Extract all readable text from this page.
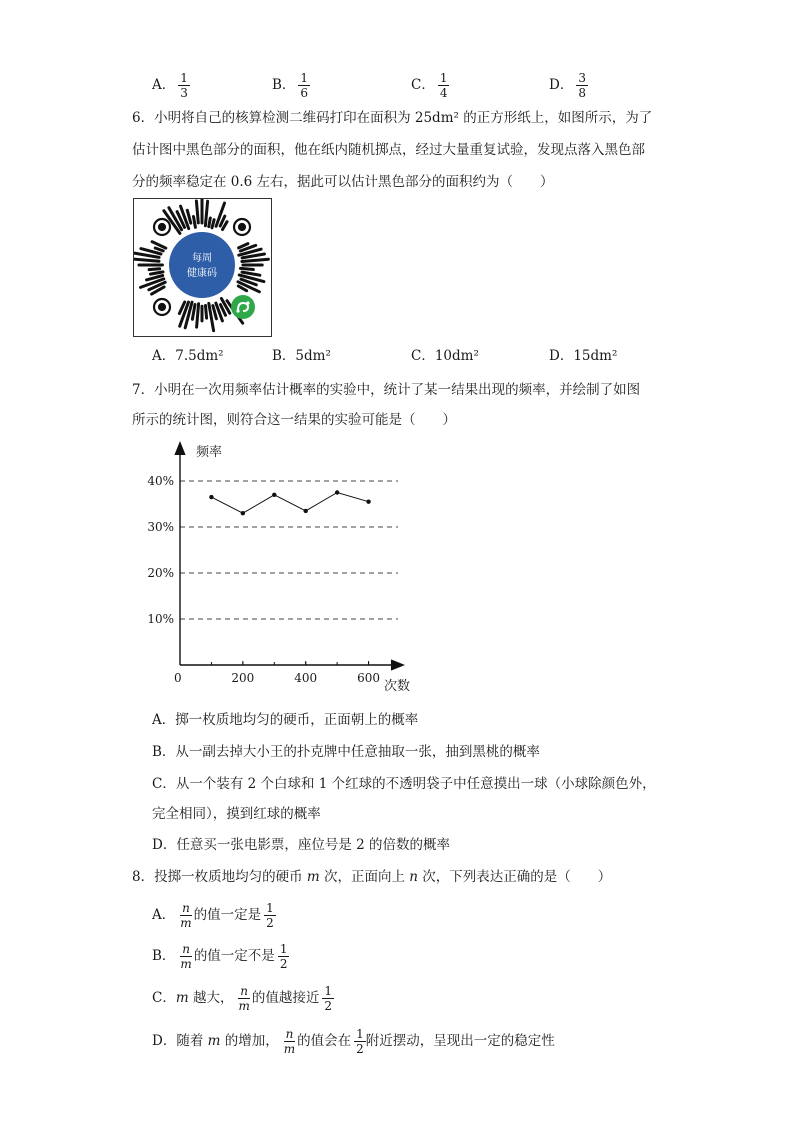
A． $\frac{1}{3}$	B． $\frac{1}{6}$	C． $\frac{1}{4}$	D． $\frac{3}{8}$
6．小明将自己的核算检测二维码打印在面积为 25dm² 的正方形纸上，如图所示，为了
估计图中黑色部分的面积，他在纸内随机掷点，经过大量重复试验，发现点落入黑色部
分的频率稳定在 0.6 左右，据此可以估计黑色部分的面积约为（　　）
每周
健康码
A．7.5dm²	B．5dm²	C．10dm²	D．15dm²
7．小明在一次用频率估计概率的实验中，统计了某一结果出现的频率，并绘制了如图
所示的统计图，则符合这一结果的实验可能是（　　）
频率
次数
0
10%
20%
30%
40%
200	400	600
A．掷一枚质地均匀的硬币，正面朝上的概率
B．从一副去掉大小王的扑克牌中任意抽取一张，抽到黑桃的概率
C．从一个装有 2 个白球和 1 个红球的不透明袋子中任意摸出一球（小球除颜色外，
完全相同），摸到红球的概率
D．任意买一张电影票，座位号是 2 的倍数的概率
8．投掷一枚质地均匀的硬币 m 次，正面向上 n 次，下列表达正确的是（　　）
A． $\frac{n}{m}$ 的值一定是 $\frac{1}{2}$
B． $\frac{n}{m}$ 的值一定不是 $\frac{1}{2}$
C．m 越大， $\frac{n}{m}$ 的值越接近 $\frac{1}{2}$
D．随着 m 的增加， $\frac{n}{m}$ 的值会在 $\frac{1}{2}$ 附近摆动，呈现出一定的稳定性
